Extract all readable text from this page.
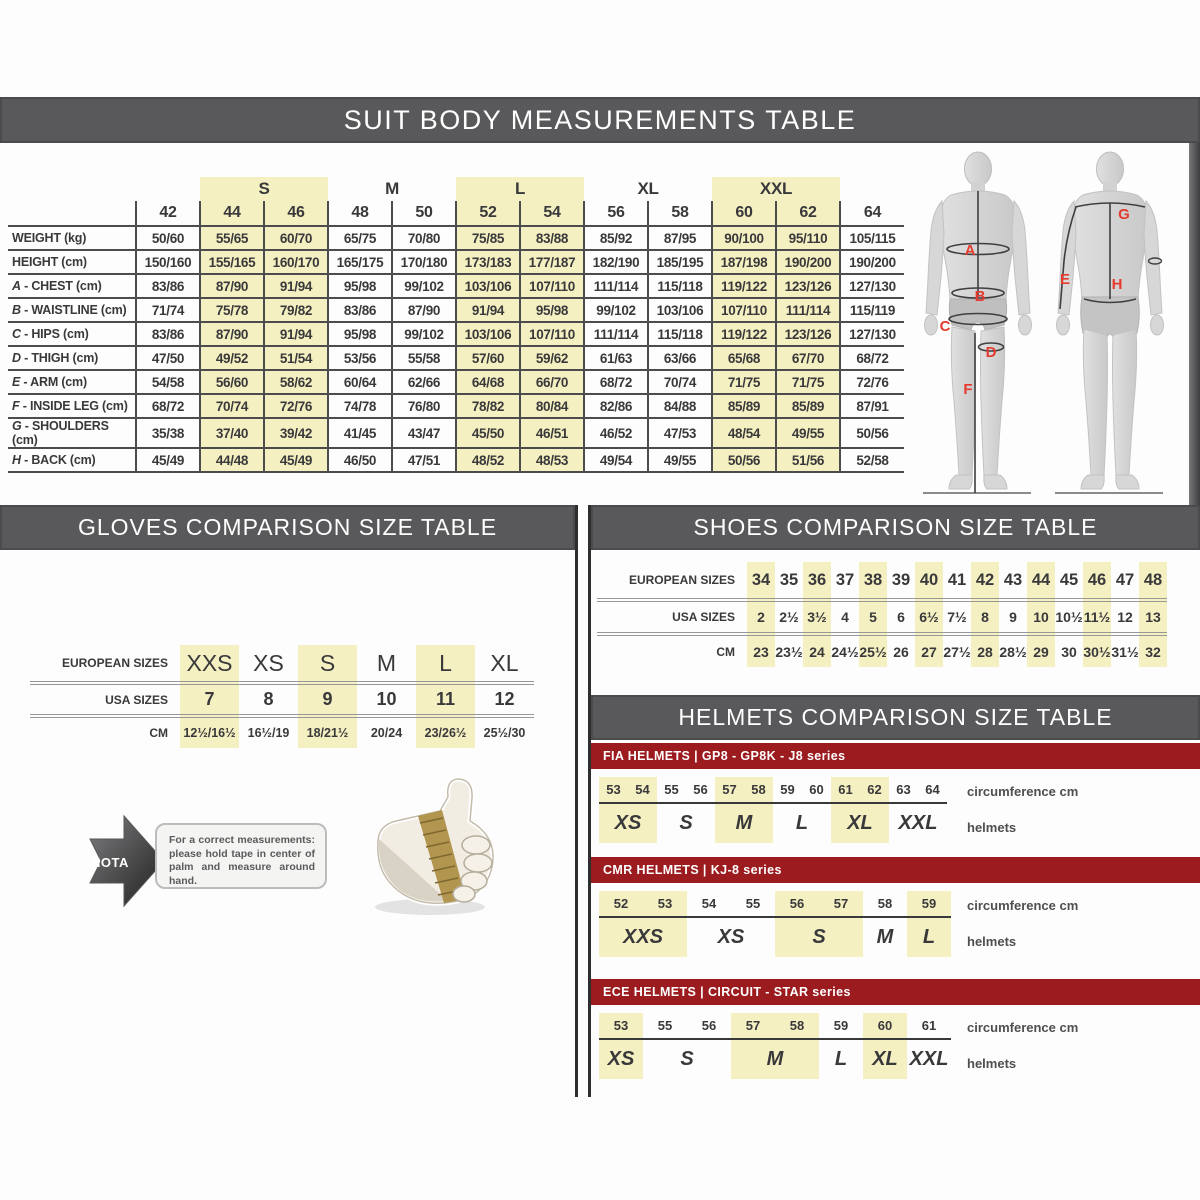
SUIT BODY MEASUREMENTS TABLE
		S		M		L		XL		XXL		
	42	44	46	48	50	52	54	56	58	60	62	64
WEIGHT (kg)	50/60	55/65	60/70	65/75	70/80	75/85	83/88	85/92	87/95	90/100	95/110	105/115
HEIGHT (cm)	150/160	155/165	160/170	165/175	170/180	173/183	177/187	182/190	185/195	187/198	190/200	190/200
A - CHEST (cm)	83/86	87/90	91/94	95/98	99/102	103/106	107/110	111/114	115/118	119/122	123/126	127/130
B - WAISTLINE (cm)	71/74	75/78	79/82	83/86	87/90	91/94	95/98	99/102	103/106	107/110	111/114	115/119
C - HIPS (cm)	83/86	87/90	91/94	95/98	99/102	103/106	107/110	111/114	115/118	119/122	123/126	127/130
D - THIGH (cm)	47/50	49/52	51/54	53/56	55/58	57/60	59/62	61/63	63/66	65/68	67/70	68/72
E - ARM (cm)	54/58	56/60	58/62	60/64	62/66	64/68	66/70	68/72	70/74	71/75	71/75	72/76
F - INSIDE LEG (cm)	68/72	70/74	72/76	74/78	76/80	78/82	80/84	82/86	84/88	85/89	85/89	87/91
G - SHOULDERS (cm)	35/38	37/40	39/42	41/45	43/47	45/50	46/51	46/52	47/53	48/54	49/55	50/56
H - BACK (cm)	45/49	44/48	45/49	46/50	47/51	48/52	48/53	49/54	49/55	50/56	51/56	52/58
A
B
C
D
F
G
E	H
GLOVES COMPARISON SIZE TABLE
EUROPEAN SIZES	XXS	XS	S	M	L	XL
USA SIZES	7	8	9	10	11	12
CM	12½/16½	16½/19	18/21½	20/24	23/26½	25½/30
NOTA
For a correct measurements: please hold tape in center of palm and measure around hand.
SHOES COMPARISON SIZE TABLE
EUROPEAN SIZES	34	35	36	37	38	39	40	41	42	43	44	45	46	47	48
USA SIZES	2	2½	3½	4	5	6	6½	7½	8	9	10	10½	11½	12	13
CM	23	23½	24	24½	25½	26	27	27½	28	28½	29	30	30½	31½	32
HELMETS COMPARISON SIZE TABLE
FIA HELMETS | GP8 - GP8K - J8 series
53	54	55	56	57	58	59	60	61	62	63	64
XS		S		M		L		XL		XXL	
circumference cm
helmets
CMR HELMETS | KJ-8 series
52	53	54	55	56	57	58	59
XXS		XS		S		M	L
circumference cm
helmets
ECE HELMETS | CIRCUIT - STAR series
53	55	56	57	58	59	60	61
XS	S		M		L	XL	XXL
circumference cm
helmets
